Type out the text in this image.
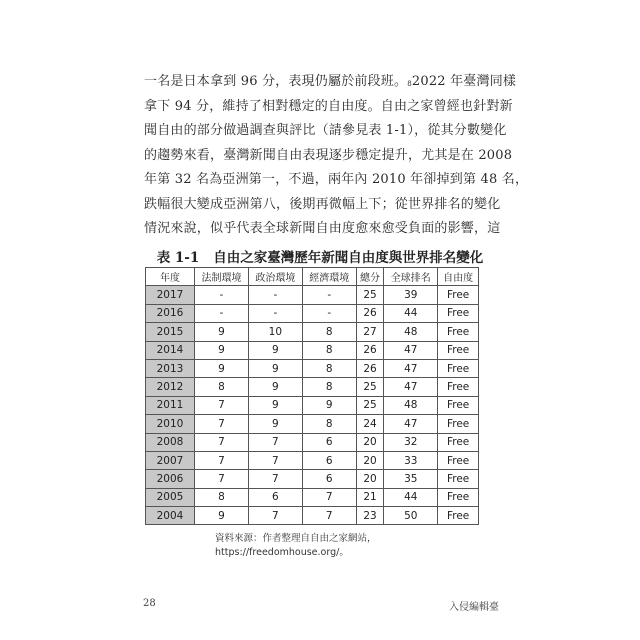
一名是日本拿到 96 分，表現仍屬於前段班。$_8$2022 年臺灣同樣
拿下 94 分，維持了相對穩定的自由度。自由之家曾經也針對新
聞自由的部分做過調查與評比（請參見表 1-1），從其分數變化
的趨勢來看，臺灣新聞自由表現逐步穩定提升，尤其是在 2008
年第 32 名為亞洲第一，不過，兩年內 2010 年卻掉到第 48 名，
跌幅很大變成亞洲第八，後期再微幅上下；從世界排名的變化
情況來說，似乎代表全球新聞自由度愈來愈受負面的影響，這
表 1-1 自由之家臺灣歷年新聞自由度與世界排名變化
年度	法制環境	政治環境	經濟環境	總分	全球排名	自由度
2017	-	-	-	25	39	Free
2016	-	-	-	26	44	Free
2015	9	10	8	27	48	Free
2014	9	9	8	26	47	Free
2013	9	9	8	26	47	Free
2012	8	9	8	25	47	Free
2011	7	9	9	25	48	Free
2010	7	9	8	24	47	Free
2008	7	7	6	20	32	Free
2007	7	7	6	20	33	Free
2006	7	7	6	20	35	Free
2005	8	6	7	21	44	Free
2004	9	7	7	23	50	Free
資料來源：作者整理自自由之家網站，https://freedomhouse.org/。
28	入侵編輯臺
